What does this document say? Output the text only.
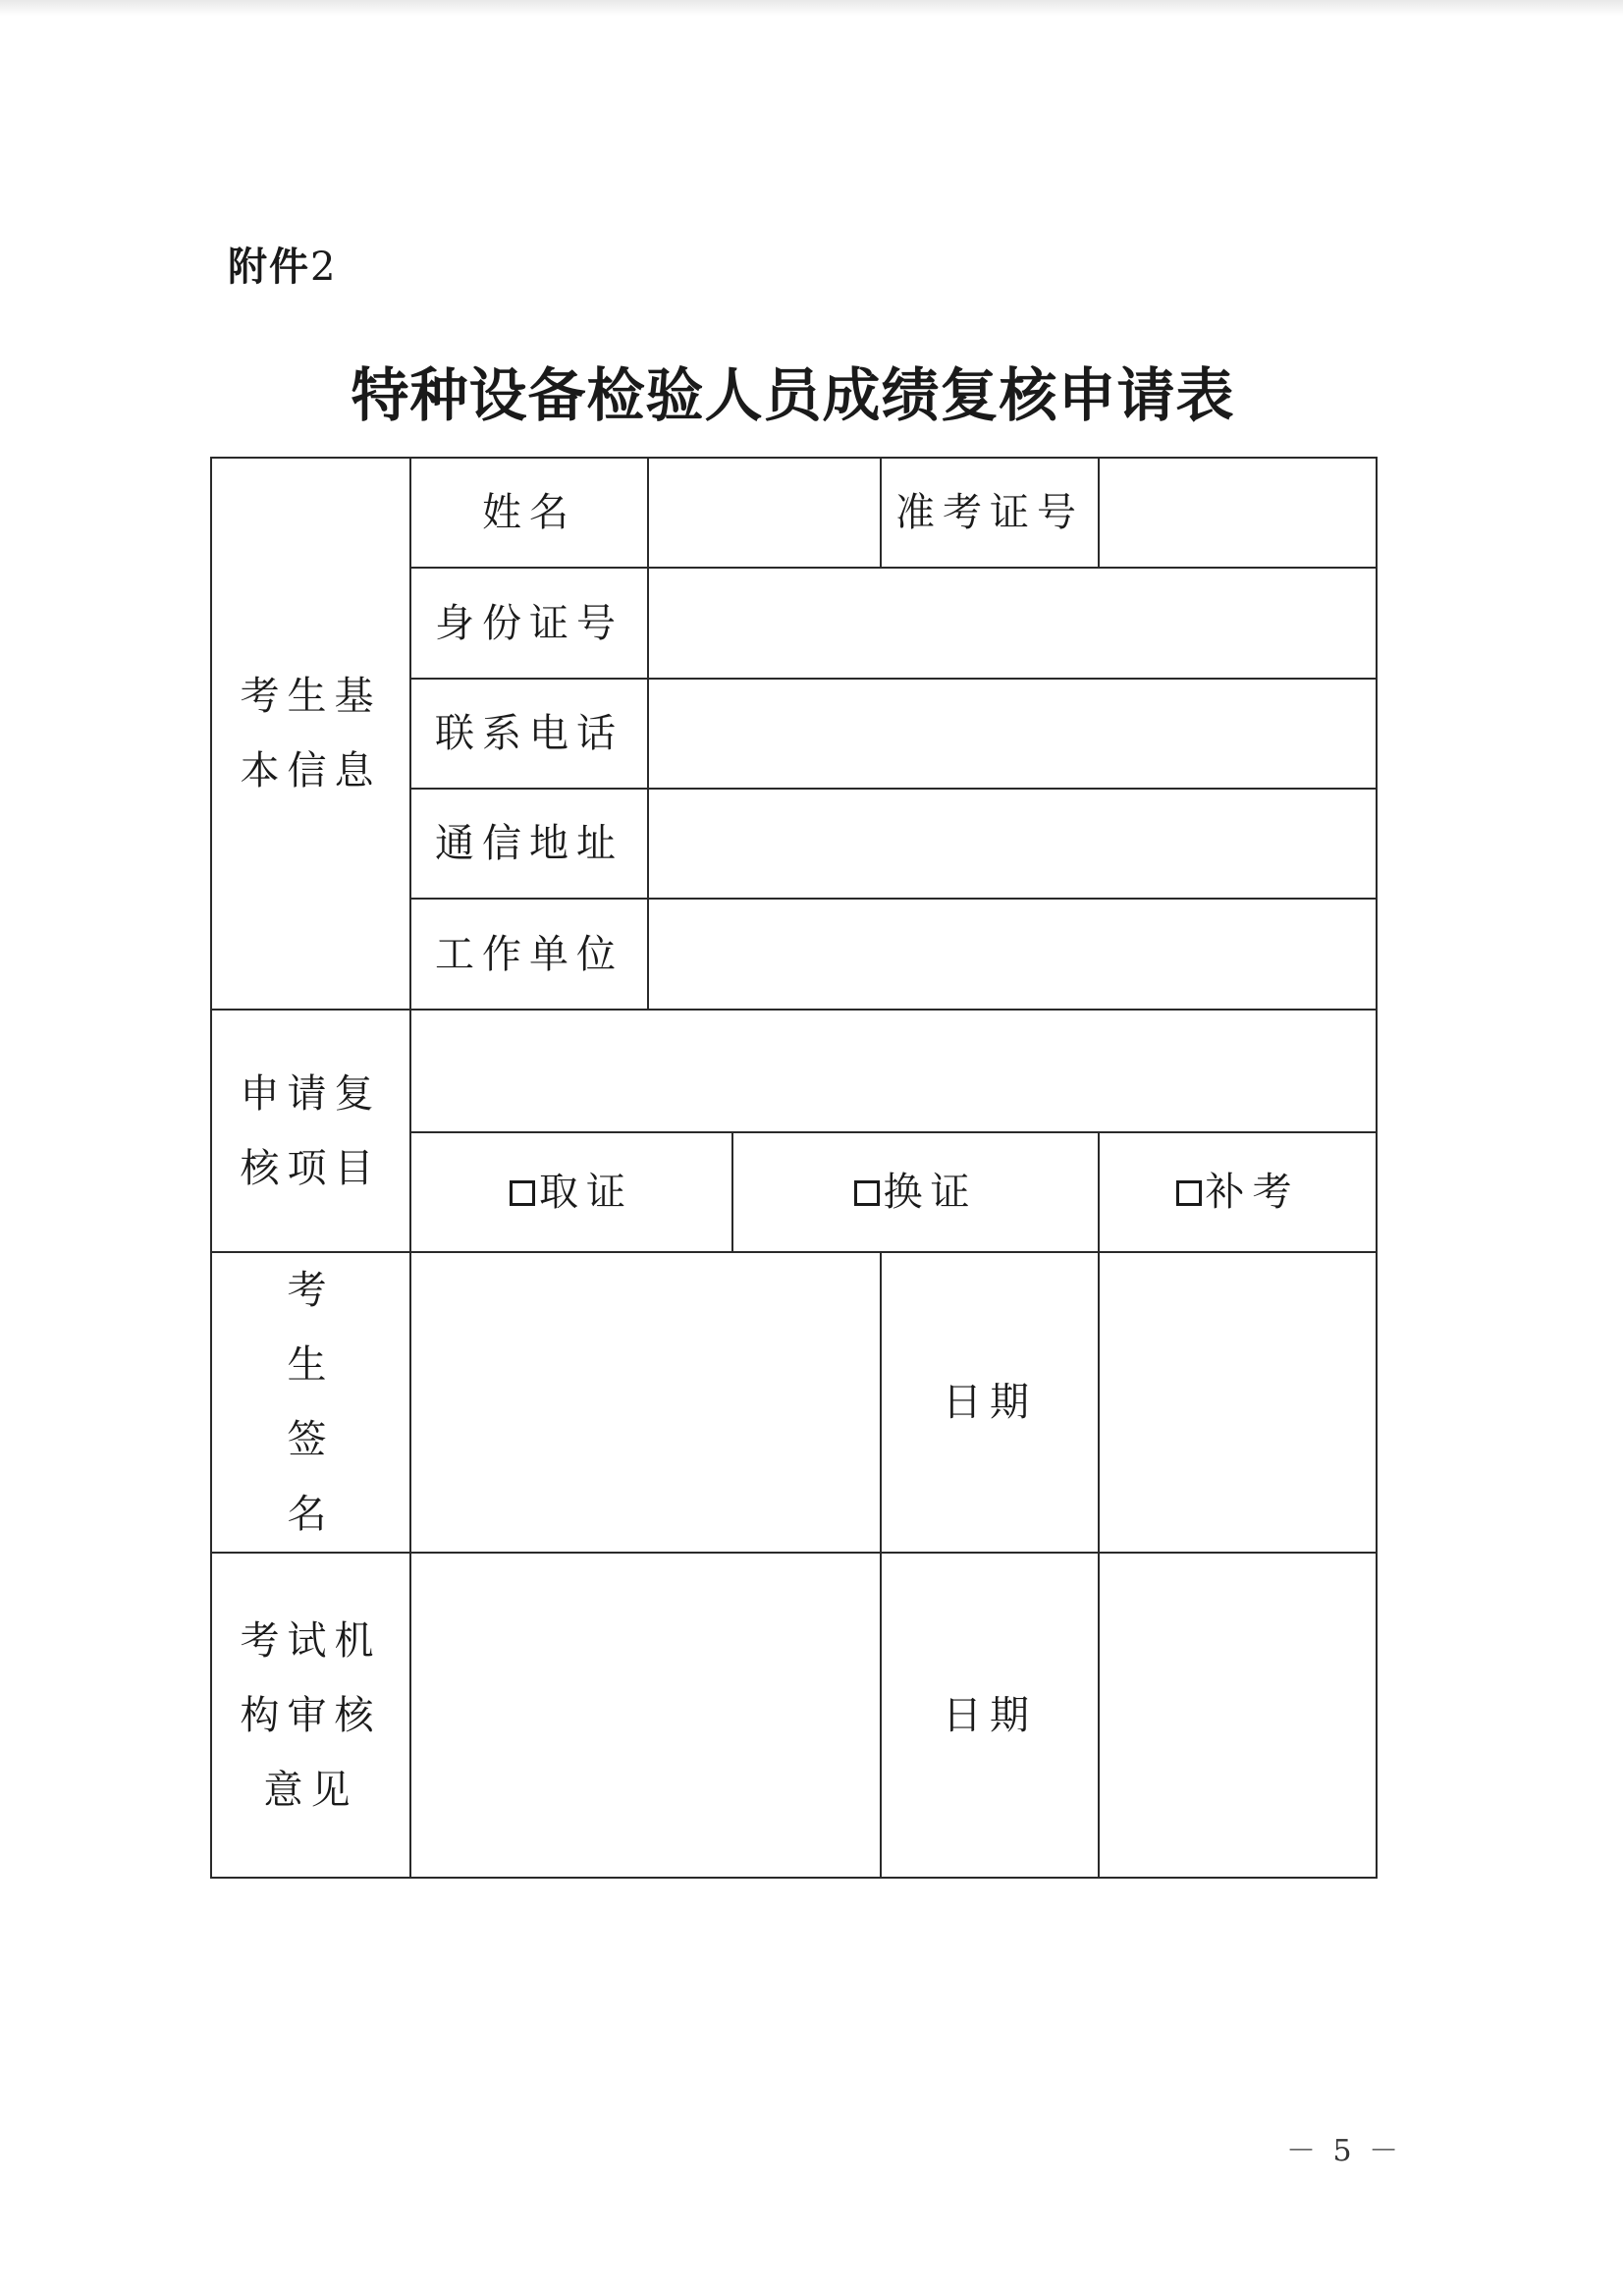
附件2
特种设备检验人员成绩复核申请表
考生基本信息	姓名			准考证号	
	身份证号				
	联系电话				
	通信地址				
	工作单位				
申请复核项目					
	取证		换证		补考
考生签名				日期	
考试机构审核意见				日期	
－ 5 －
